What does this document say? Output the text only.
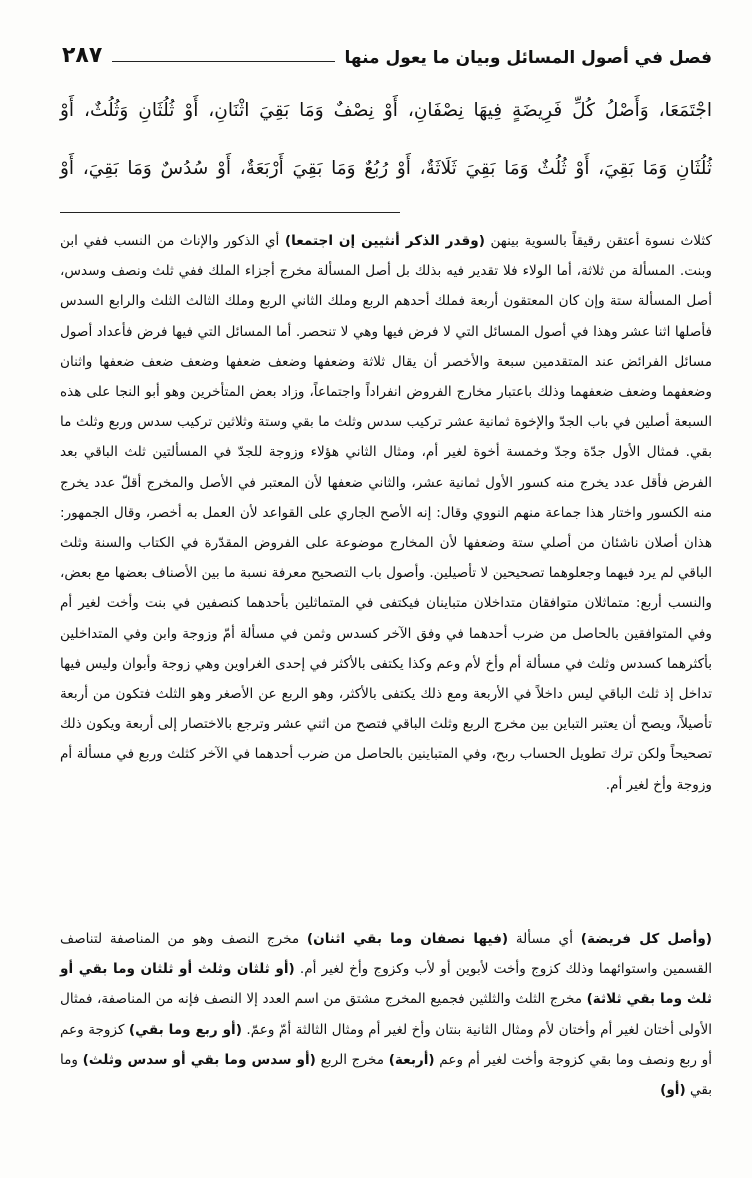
فصل في أصول المسائل وبيان ما يعول منها
٢٨٧

اجْتَمَعَا، وَأَصْلُ كُلِّ فَرِيضَةٍ فِيهَا نِصْفَانِ، أَوْ نِصْفٌ وَمَا بَقِيَ اثْنَانِ، أَوْ ثُلُثَانِ وَثُلُثٌ، أَوْ

ثُلُثَانِ وَمَا بَقِيَ، أَوْ ثُلُثٌ وَمَا بَقِيَ ثَلَاثَةٌ، أَوْ رُبُعٌ وَمَا بَقِيَ أَرْبَعَةٌ، أَوْ سُدُسٌ وَمَا بَقِيَ، أَوْ

كثلاث نسوة أعتقن رقيقاً بالسوية بينهن (وقدر الذكر أنثيين إن اجتمعا) أي الذكور والإناث من النسب ففي ابن وبنت. المسألة من ثلاثة، أما الولاء فلا تقدير فيه بذلك بل أصل المسألة مخرج أجزاء الملك ففي ثلث ونصف وسدس، أصل المسألة ستة وإن كان المعتقون أربعة فملك أحدهم الربع وملك الثاني الربع وملك الثالث الثلث والرابع السدس فأصلها اثنا عشر وهذا في أصول المسائل التي لا فرض فيها وهي لا تنحصر. أما المسائل التي فيها فرض فأعداد أصول مسائل الفرائض عند المتقدمين سبعة والأخصر أن يقال ثلاثة وضعفها وضعف ضعفها وضعف ضعف ضعفها واثنان وضعفهما وضعف ضعفهما وذلك باعتبار مخارج الفروض انفراداً واجتماعاً، وزاد بعض المتأخرين وهو أبو النجا على هذه السبعة أصلين في باب الجدّ والإخوة ثمانية عشر تركيب سدس وثلث ما بقي وستة وثلاثين تركيب سدس وربع وثلث ما بقي. فمثال الأول جدّة وجدّ وخمسة أخوة لغير أم، ومثال الثاني هؤلاء وزوجة للجدّ في المسألتين ثلث الباقي بعد الفرض فأقل عدد يخرج منه كسور الأول ثمانية عشر، والثاني ضعفها لأن المعتبر في الأصل والمخرج أقلّ عدد يخرج منه الكسور واختار هذا جماعة منهم النووي وقال: إنه الأصح الجاري على القواعد لأن العمل به أخصر، وقال الجمهور: هذان أصلان ناشئان من أصلي ستة وضعفها لأن المخارج موضوعة على الفروض المقدّرة في الكتاب والسنة وثلث الباقي لم يرد فيهما وجعلوهما تصحيحين لا تأصيلين. وأصول باب التصحيح معرفة نسبة ما بين الأصناف بعضها مع بعض، والنسب أربع: متماثلان متوافقان متداخلان متباينان فيكتفى في المتماثلين بأحدهما كنصفين في بنت وأخت لغير أم وفي المتوافقين بالحاصل من ضرب أحدهما في وفق الآخر كسدس وثمن في مسألة أمّ وزوجة وابن وفي المتداخلين بأكثرهما كسدس وثلث في مسألة أم وأخ لأم وعم وكذا يكتفى بالأكثر في إحدى الغراوين وهي زوجة وأبوان وليس فيها تداخل إذ ثلث الباقي ليس داخلاً في الأربعة ومع ذلك يكتفى بالأكثر، وهو الربع عن الأصغر وهو الثلث فتكون من أربعة تأصيلاً، ويصح أن يعتبر التباين بين مخرج الربع وثلث الباقي فتصح من اثني عشر وترجع بالاختصار إلى أربعة ويكون ذلك تصحيحاً ولكن ترك تطويل الحساب ربح، وفي المتباينين بالحاصل من ضرب أحدهما في الآخر كثلث وربع في مسألة أم وزوجة وأخ لغير أم.

(وأصل كل فريضة) أي مسألة (فيها نصفان وما بقي اثنان) مخرج النصف وهو من المناصفة لتناصف القسمين واستوائهما وذلك كزوج وأخت لأبوين أو لأب وكزوج وأخ لغير أم. (أو ثلثان وثلث أو ثلثان وما بقي أو ثلث وما بقي ثلاثة) مخرج الثلث والثلثين فجميع المخرج مشتق من اسم العدد إلا النصف فإنه من المناصفة، فمثال الأولى أختان لغير أم وأختان لأم ومثال الثانية بنتان وأخ لغير أم ومثال الثالثة أمّ وعمّ. (أو ربع وما بقي) كزوجة وعم أو ربع ونصف وما بقي كزوجة وأخت لغير أم وعم (أربعة) مخرج الربع (أو سدس وما بقي أو سدس وثلث) وما بقي (أو)
